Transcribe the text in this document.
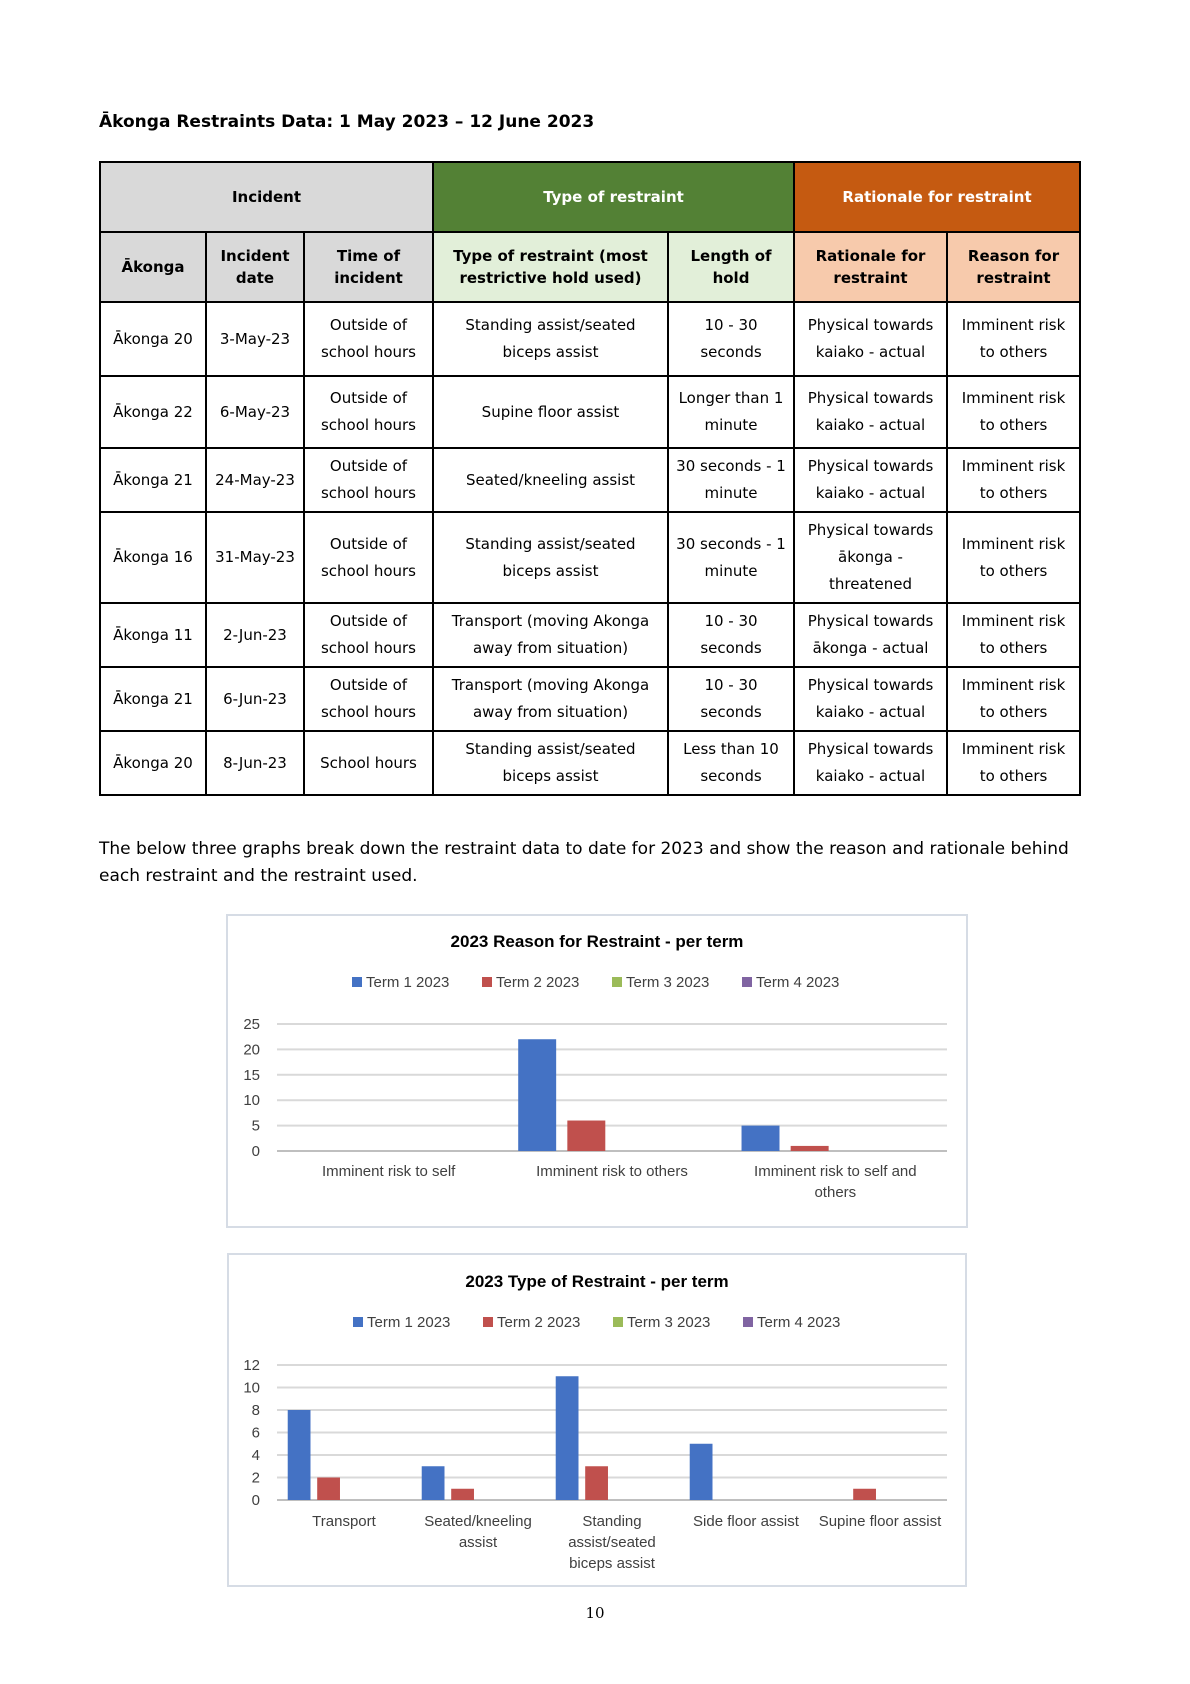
Ākonga Restraints Data: 1 May 2023 – 12 June 2023
Incident			Type of restraint		Rationale for restraint	
Ākonga	Incident date	Time of incident	Type of restraint (most restrictive hold used)	Length of hold	Rationale for restraint	Reason for restraint
Ākonga 20	3-May-23	Outside of school hours	Standing assist/seated biceps assist	10 - 30 seconds	Physical towards kaiako - actual	Imminent risk to others
Ākonga 22	6-May-23	Outside of school hours	Supine floor assist	Longer than 1 minute	Physical towards kaiako - actual	Imminent risk to others
Ākonga 21	24-May-23	Outside of school hours	Seated/kneeling assist	30 seconds - 1 minute	Physical towards kaiako - actual	Imminent risk to others
Ākonga 16	31-May-23	Outside of school hours	Standing assist/seated biceps assist	30 seconds - 1 minute	Physical towards ākonga - threatened	Imminent risk to others
Ākonga 11	2-Jun-23	Outside of school hours	Transport (moving Akonga away from situation)	10 - 30 seconds	Physical towards ākonga - actual	Imminent risk to others
Ākonga 21	6-Jun-23	Outside of school hours	Transport (moving Akonga away from situation)	10 - 30 seconds	Physical towards kaiako - actual	Imminent risk to others
Ākonga 20	8-Jun-23	School hours	Standing assist/seated biceps assist	Less than 10 seconds	Physical towards kaiako - actual	Imminent risk to others
The below three graphs break down the restraint data to date for 2023 and show the reason and rationale behind each restraint and the restraint used.
2023 Reason for Restraint - per term
Term 1 2023	Term 2 2023	Term 3 2023	Term 4 2023
0
5
10
15
20
25
Imminent risk to self	Imminent risk to others	Imminent risk to self and
others
2023 Type of Restraint - per term
Term 1 2023	Term 2 2023	Term 3 2023	Term 4 2023
0
2
4
6
8
10
12
Transport	Seated/kneeling
assist
Standing
assist/seated
biceps assist
Side floor assist Supine floor assist
10
